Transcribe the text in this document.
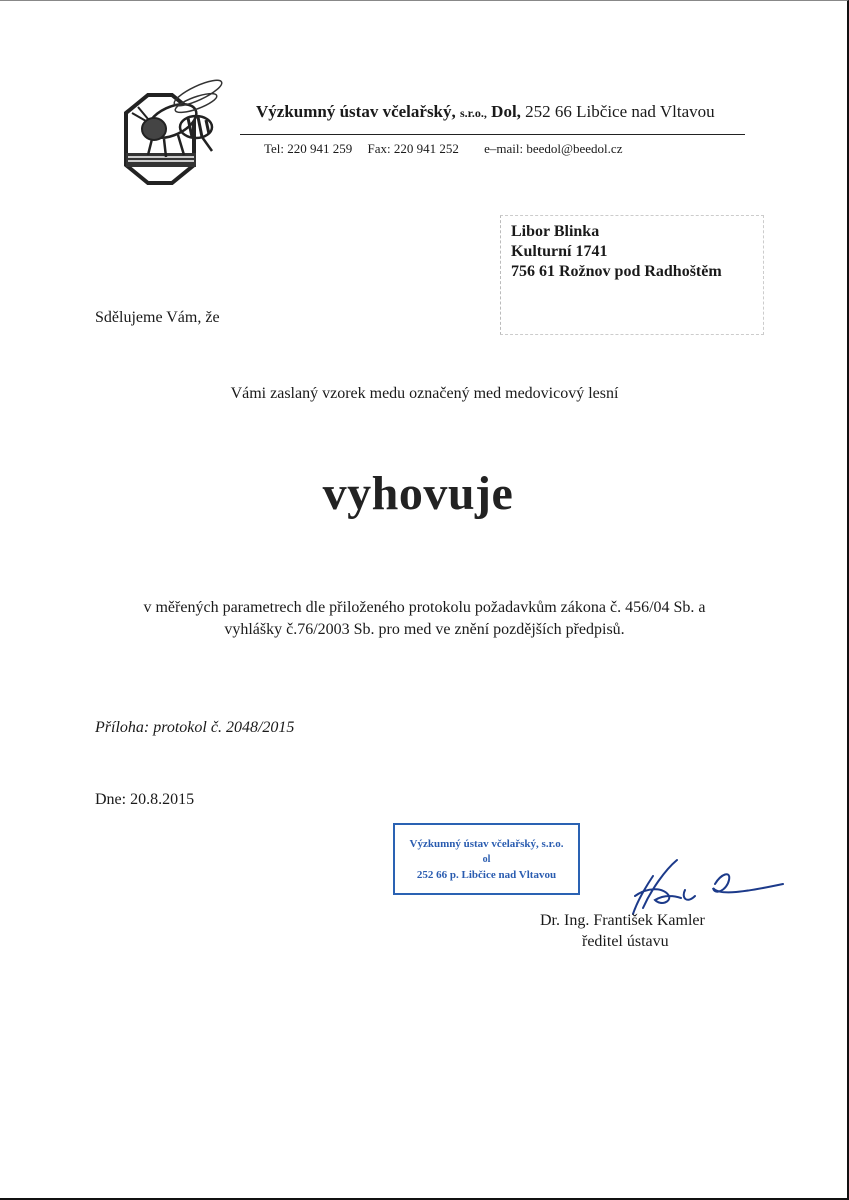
Výzkumný ústav včelařský, s.r.o., Dol, 252 66 Libčice nad Vltavou
Tel: 220 941 259 Fax: 220 941 252 e–mail: beedol@beedol.cz
Libor Blinka
Kulturní 1741
756 61 Rožnov pod Radhoštěm
Sdělujeme Vám, že
Vámi zaslaný vzorek medu označený med medovicový lesní
vyhovuje
v měřených parametrech dle přiloženého protokolu požadavkům zákona č. 456/04 Sb. a
vyhlášky č.76/2003 Sb. pro med ve znění pozdějších předpisů.
Příloha: protokol č. 2048/2015
Dne: 20.8.2015
Výzkumný ústav včelařský, s.r.o.
ol
252 66 p. Libčice nad Vltavou
Dr. Ing. František Kamler
ředitel ústavu
